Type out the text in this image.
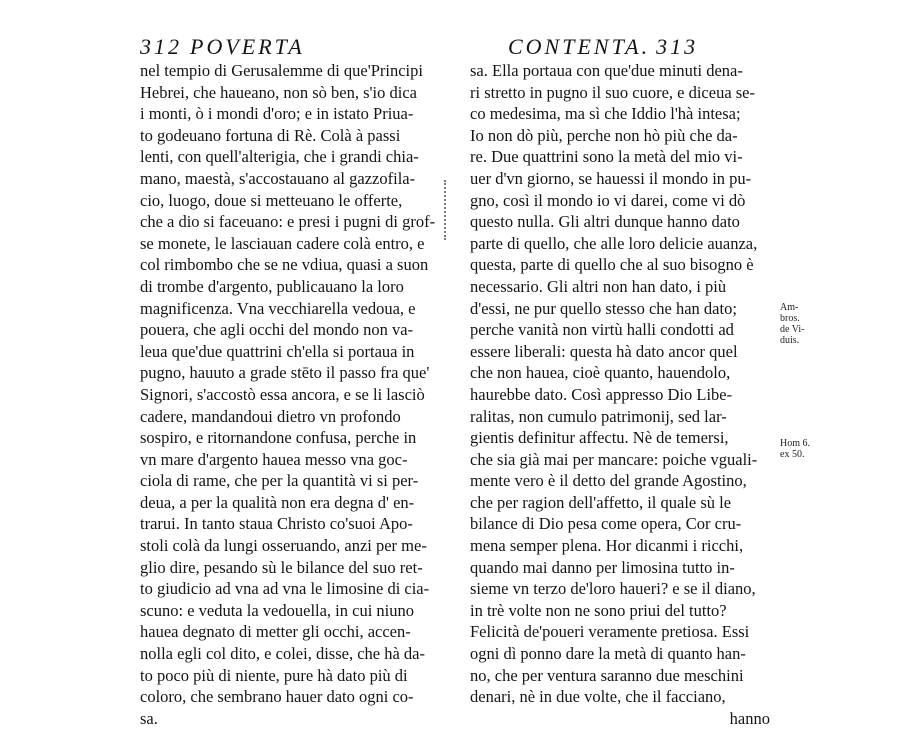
312 POVERTA
nel tempio di Gerusalemme di que'Principi
Hebrei, che haueano, non sò ben, s'io dica
i monti, ò i mondi d'oro; e in istato Priua-
to godeuano fortuna di Rè. Colà à passi
lenti, con quell'alterigia, che i grandi chia-
mano, maestà, s'accostauano al gazzofila-
cio, luogo, doue si metteuano le offerte,
che a dio si faceuano: e presi i pugni di grof-
se monete, le lasciauan cadere colà entro, e
col rimbombo che se ne vdiua, quasi a suon
di trombe d'argento, publicauano la loro
magnificenza. Vna vecchiarella vedoua, e
pouera, che agli occhi del mondo non va-
leua que'due quattrini ch'ella si portaua in
pugno, hauuto a grade stēto il passo fra que'
Signori, s'accostò essa ancora, e se li lasciò
cadere, mandandoui dietro vn profondo
sospiro, e ritornandone confusa, perche in
vn mare d'argento hauea messo vna goc-
ciola di rame, che per la quantità vi si per-
deua, a per la qualità non era degna d' en-
trarui. In tanto staua Christo co'suoi Apo-
stoli colà da lungi osseruando, anzi per me-
glio dire, pesando sù le bilance del suo ret-
to giudicio ad vna ad vna le limosine di cia-
scuno: e veduta la vedouella, in cui niuno
hauea degnato di metter gli occhi, accen-
nolla egli col dito, e colei, disse, che hà da-
to poco più di niente, pure hà dato più di
coloro, che sembrano hauer dato ogni co-
sa.
CONTENTA. 313
sa. Ella portaua con que'due minuti dena-
ri stretto in pugno il suo cuore, e diceua se-
co medesima, ma sì che Iddio l'hà intesa;
Io non dò più, perche non hò più che da-
re. Due quattrini sono la metà del mio vi-
uer d'vn giorno, se hauessi il mondo in pu-
gno, così il mondo io vi darei, come vi dò
questo nulla. Gli altri dunque hanno dato
parte di quello, che alle loro delicie auanza,
questa, parte di quello che al suo bisogno è
necessario. Gli altri non han dato, i più
d'essi, ne pur quello stesso che han dato;
perche vanità non virtù halli condotti ad
essere liberali: questa hà dato ancor quel
che non hauea, cioè quanto, hauendolo,
haurebbe dato. Così appresso Dio Libe-
ralitas, non cumulo patrimonij, sed lar-
gientis definitur affectu. Nè de temersi,
che sia già mai per mancare: poiche vguali-
mente vero è il detto del grande Agostino,
che per ragion dell'affetto, il quale sù le
bilance di Dio pesa come opera, Cor cru-
mena semper plena. Hor dicanmi i ricchi,
quando mai danno per limosina tutto in-
sieme vn terzo de'loro haueri? e se il diano,
in trè volte non ne sono priui del tutto?
Felicità de'poueri veramente pretiosa. Essi
ogni dì ponno dare la metà di quanto han-
no, che per ventura saranno due meschini
denari, nè in due volte, che il facciano,
hanno
Am-
bros.
de Vi-
duis.
Hom 6.
ex 50.
